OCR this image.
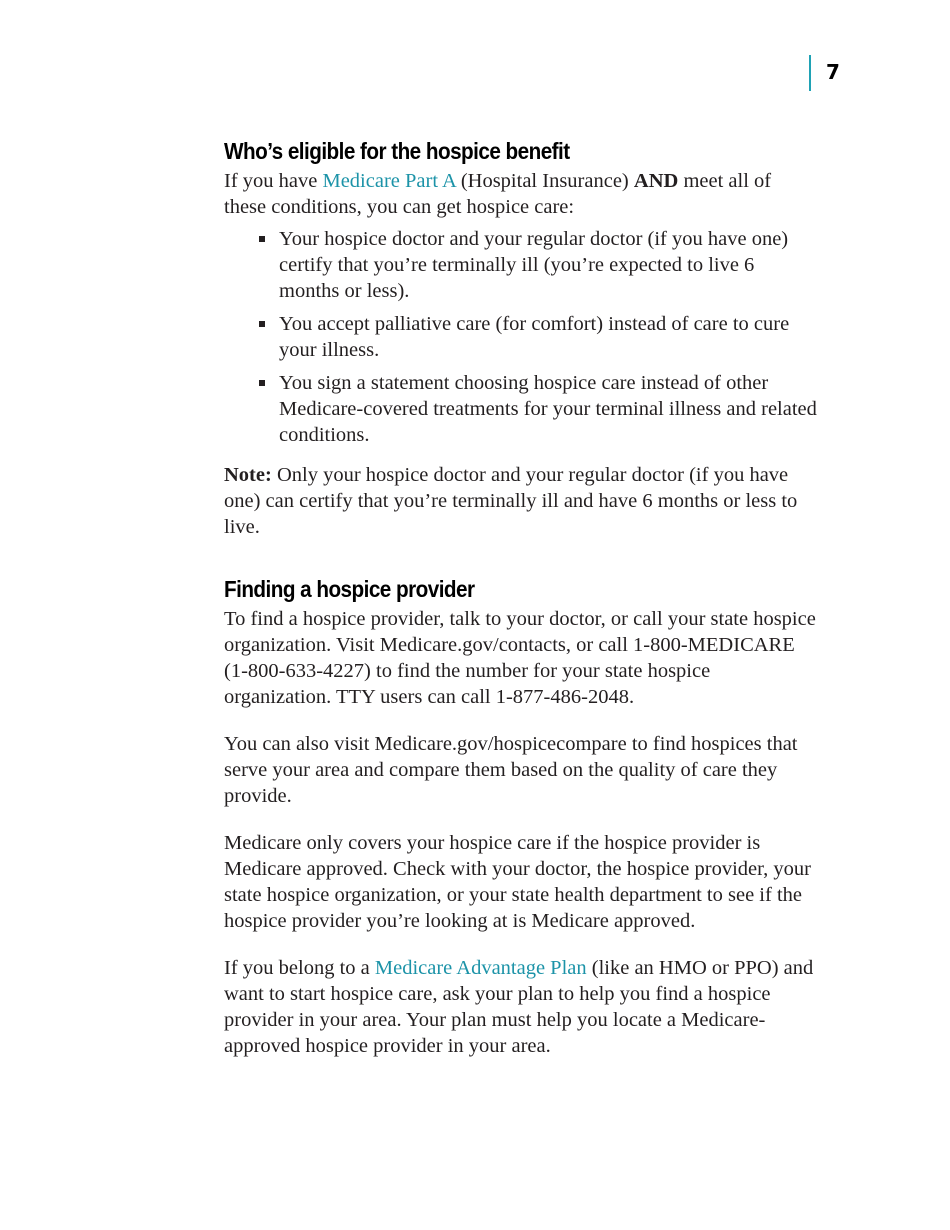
7
Who’s eligible for the hospice benefit

If you have Medicare Part A (Hospital Insurance) AND meet all of these conditions, you can get hospice care:

Your hospice doctor and your regular doctor (if you have one) certify that you’re terminally ill (you’re expected to live 6 months or less).
You accept palliative care (for comfort) instead of care to cure your illness.
You sign a statement choosing hospice care instead of other Medicare-covered treatments for your terminal illness and related conditions.

Note: Only your hospice doctor and your regular doctor (if you have one) can certify that you’re terminally ill and have 6 months or less to live.

Finding a hospice provider

To find a hospice provider, talk to your doctor, or call your state hospice organization. Visit Medicare.gov/contacts, or call 1-800-MEDICARE (1-800-633-4227) to find the number for your state hospice organization. TTY users can call 1-877-486-2048.

You can also visit Medicare.gov/hospicecompare to find hospices that serve your area and compare them based on the quality of care they provide.

Medicare only covers your hospice care if the hospice provider is Medicare approved. Check with your doctor, the hospice provider, your state hospice organization, or your state health department to see if the hospice provider you’re looking at is Medicare approved.

If you belong to a Medicare Advantage Plan (like an HMO or PPO) and want to start hospice care, ask your plan to help you find a hospice provider in your area. Your plan must help you locate a Medicare-approved hospice provider in your area.
